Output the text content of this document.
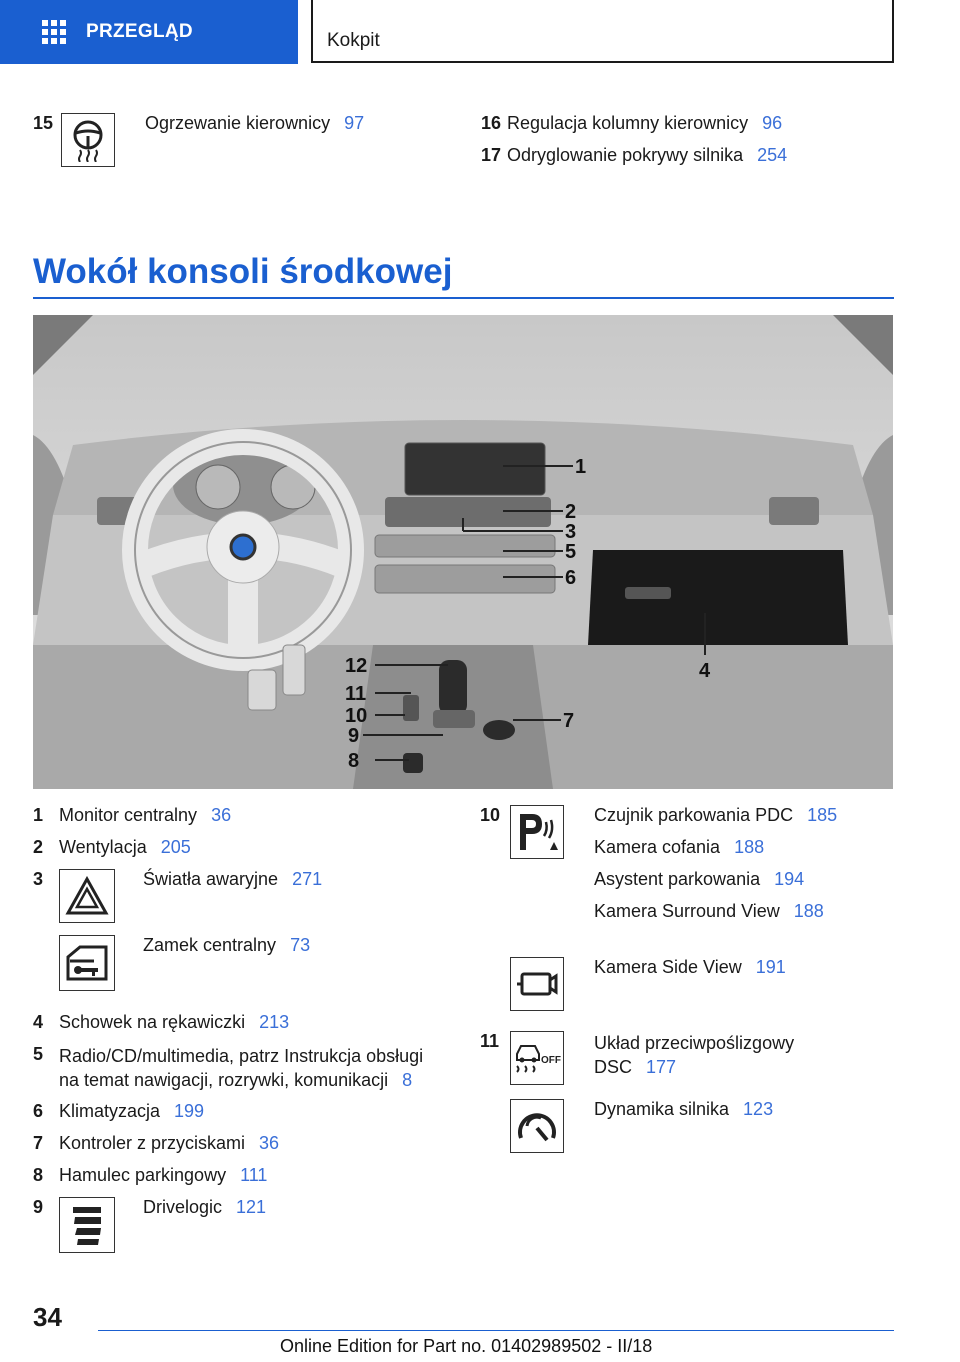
PRZEGLĄD	Kokpit
15	Ogrzewanie kierownicy 97	16 Regulacja kolumny kierownicy 96
17 Odryglowanie pokrywy silnika 254
Wokół konsoli środkowej
1
2
3
5
6
4
12
11
10
9
8
7
1 Monitor centralny 36
2 Wentylacja 205
3	Światła awaryjne 271
Zamek centralny 73
4 Schowek na rękawiczki 213
5 Radio/CD/multimedia, patrz Instrukcja obsługi
na temat nawigacji, rozrywki, komunikacji 8
6 Klimatyzacja 199
7 Kontroler z przyciskami 36
8 Hamulec parkingowy 111
9	Drivelogic 121
10	Czujnik parkowania PDC 185
Kamera cofania 188
Asystent parkowania 194
Kamera Surround View 188
Kamera Side View 191
11
OFF
Układ przeciwpoślizgowy
DSC 177
Dynamika silnika 123
34
Online Edition for Part no. 01402989502 - II/18
